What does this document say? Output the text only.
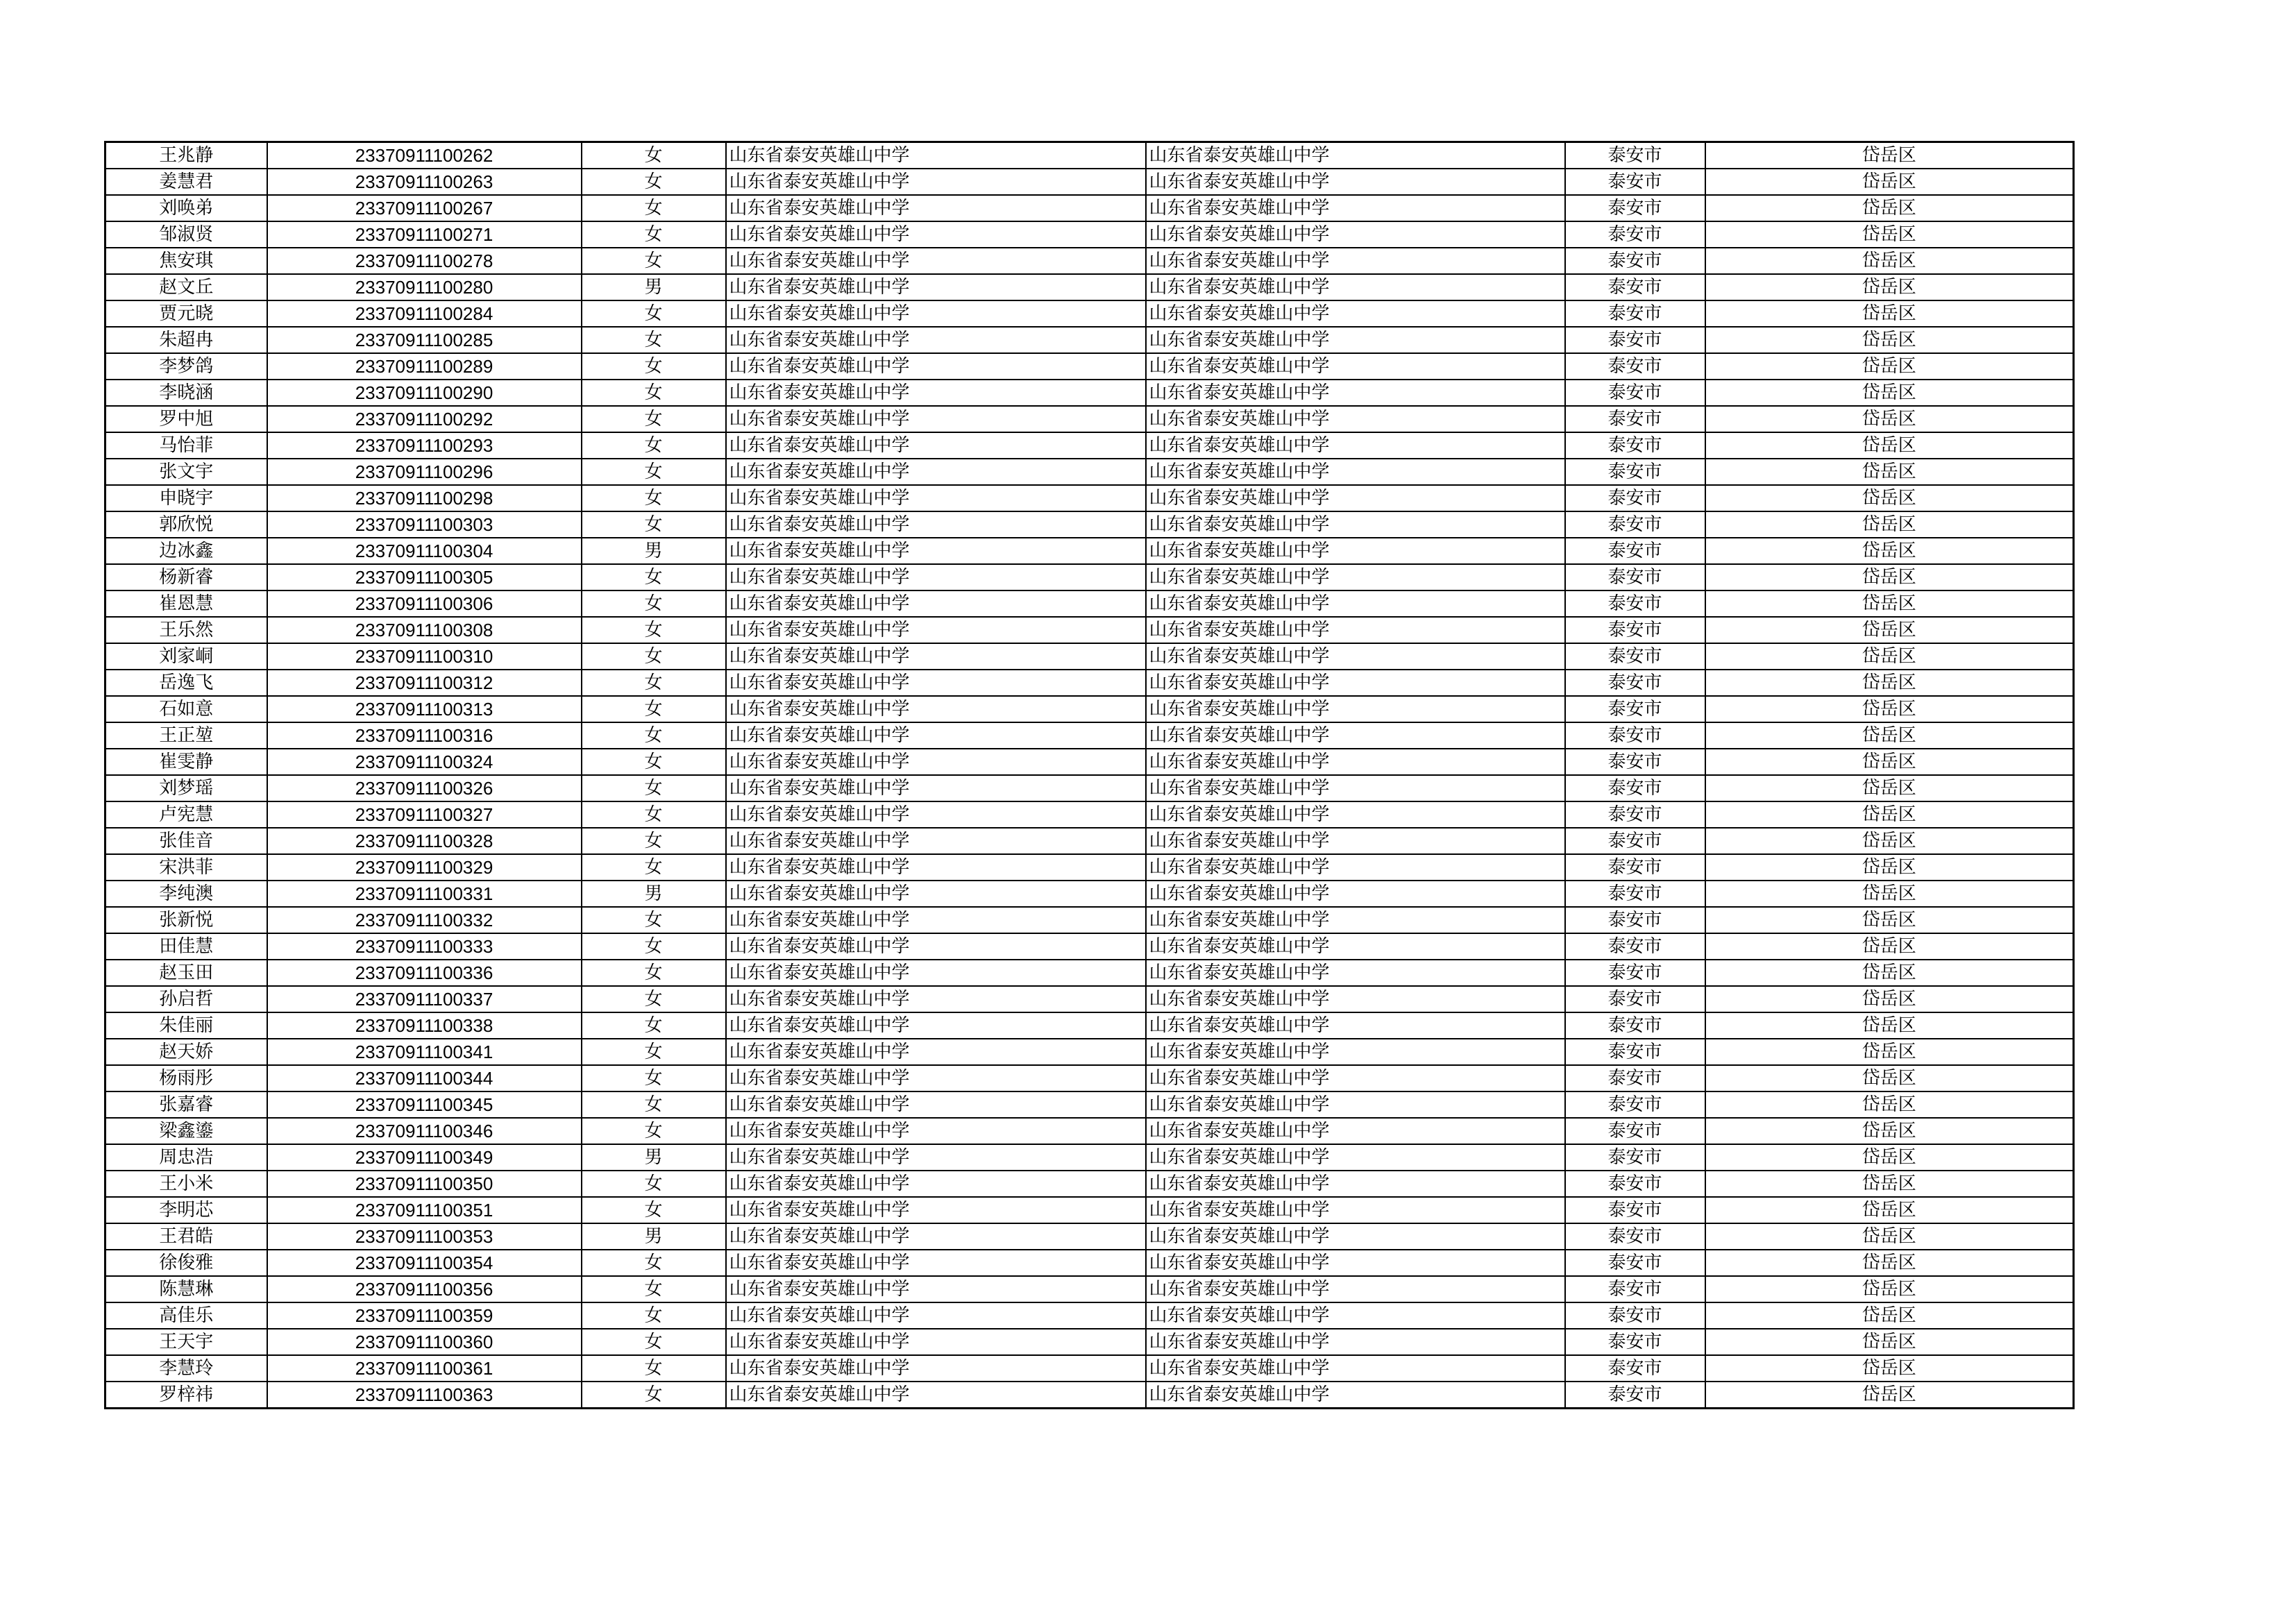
王兆静	23370911100262	女	山东省泰安英雄山中学	山东省泰安英雄山中学	泰安市	岱岳区
姜慧君	23370911100263	女	山东省泰安英雄山中学	山东省泰安英雄山中学	泰安市	岱岳区
刘唤弟	23370911100267	女	山东省泰安英雄山中学	山东省泰安英雄山中学	泰安市	岱岳区
邹淑贤	23370911100271	女	山东省泰安英雄山中学	山东省泰安英雄山中学	泰安市	岱岳区
焦安琪	23370911100278	女	山东省泰安英雄山中学	山东省泰安英雄山中学	泰安市	岱岳区
赵文丘	23370911100280	男	山东省泰安英雄山中学	山东省泰安英雄山中学	泰安市	岱岳区
贾元晓	23370911100284	女	山东省泰安英雄山中学	山东省泰安英雄山中学	泰安市	岱岳区
朱超冉	23370911100285	女	山东省泰安英雄山中学	山东省泰安英雄山中学	泰安市	岱岳区
李梦鸽	23370911100289	女	山东省泰安英雄山中学	山东省泰安英雄山中学	泰安市	岱岳区
李晓涵	23370911100290	女	山东省泰安英雄山中学	山东省泰安英雄山中学	泰安市	岱岳区
罗中旭	23370911100292	女	山东省泰安英雄山中学	山东省泰安英雄山中学	泰安市	岱岳区
马怡菲	23370911100293	女	山东省泰安英雄山中学	山东省泰安英雄山中学	泰安市	岱岳区
张文宇	23370911100296	女	山东省泰安英雄山中学	山东省泰安英雄山中学	泰安市	岱岳区
申晓宇	23370911100298	女	山东省泰安英雄山中学	山东省泰安英雄山中学	泰安市	岱岳区
郭欣悦	23370911100303	女	山东省泰安英雄山中学	山东省泰安英雄山中学	泰安市	岱岳区
边冰鑫	23370911100304	男	山东省泰安英雄山中学	山东省泰安英雄山中学	泰安市	岱岳区
杨新睿	23370911100305	女	山东省泰安英雄山中学	山东省泰安英雄山中学	泰安市	岱岳区
崔恩慧	23370911100306	女	山东省泰安英雄山中学	山东省泰安英雄山中学	泰安市	岱岳区
王乐然	23370911100308	女	山东省泰安英雄山中学	山东省泰安英雄山中学	泰安市	岱岳区
刘家峒	23370911100310	女	山东省泰安英雄山中学	山东省泰安英雄山中学	泰安市	岱岳区
岳逸飞	23370911100312	女	山东省泰安英雄山中学	山东省泰安英雄山中学	泰安市	岱岳区
石如意	23370911100313	女	山东省泰安英雄山中学	山东省泰安英雄山中学	泰安市	岱岳区
王正堃	23370911100316	女	山东省泰安英雄山中学	山东省泰安英雄山中学	泰安市	岱岳区
崔雯静	23370911100324	女	山东省泰安英雄山中学	山东省泰安英雄山中学	泰安市	岱岳区
刘梦瑶	23370911100326	女	山东省泰安英雄山中学	山东省泰安英雄山中学	泰安市	岱岳区
卢宪慧	23370911100327	女	山东省泰安英雄山中学	山东省泰安英雄山中学	泰安市	岱岳区
张佳音	23370911100328	女	山东省泰安英雄山中学	山东省泰安英雄山中学	泰安市	岱岳区
宋洪菲	23370911100329	女	山东省泰安英雄山中学	山东省泰安英雄山中学	泰安市	岱岳区
李纯澳	23370911100331	男	山东省泰安英雄山中学	山东省泰安英雄山中学	泰安市	岱岳区
张新悦	23370911100332	女	山东省泰安英雄山中学	山东省泰安英雄山中学	泰安市	岱岳区
田佳慧	23370911100333	女	山东省泰安英雄山中学	山东省泰安英雄山中学	泰安市	岱岳区
赵玉田	23370911100336	女	山东省泰安英雄山中学	山东省泰安英雄山中学	泰安市	岱岳区
孙启哲	23370911100337	女	山东省泰安英雄山中学	山东省泰安英雄山中学	泰安市	岱岳区
朱佳丽	23370911100338	女	山东省泰安英雄山中学	山东省泰安英雄山中学	泰安市	岱岳区
赵天娇	23370911100341	女	山东省泰安英雄山中学	山东省泰安英雄山中学	泰安市	岱岳区
杨雨彤	23370911100344	女	山东省泰安英雄山中学	山东省泰安英雄山中学	泰安市	岱岳区
张嘉睿	23370911100345	女	山东省泰安英雄山中学	山东省泰安英雄山中学	泰安市	岱岳区
梁鑫鎏	23370911100346	女	山东省泰安英雄山中学	山东省泰安英雄山中学	泰安市	岱岳区
周忠浩	23370911100349	男	山东省泰安英雄山中学	山东省泰安英雄山中学	泰安市	岱岳区
王小米	23370911100350	女	山东省泰安英雄山中学	山东省泰安英雄山中学	泰安市	岱岳区
李明芯	23370911100351	女	山东省泰安英雄山中学	山东省泰安英雄山中学	泰安市	岱岳区
王君皓	23370911100353	男	山东省泰安英雄山中学	山东省泰安英雄山中学	泰安市	岱岳区
徐俊雅	23370911100354	女	山东省泰安英雄山中学	山东省泰安英雄山中学	泰安市	岱岳区
陈慧琳	23370911100356	女	山东省泰安英雄山中学	山东省泰安英雄山中学	泰安市	岱岳区
高佳乐	23370911100359	女	山东省泰安英雄山中学	山东省泰安英雄山中学	泰安市	岱岳区
王天宇	23370911100360	女	山东省泰安英雄山中学	山东省泰安英雄山中学	泰安市	岱岳区
李慧玲	23370911100361	女	山东省泰安英雄山中学	山东省泰安英雄山中学	泰安市	岱岳区
罗梓祎	23370911100363	女	山东省泰安英雄山中学	山东省泰安英雄山中学	泰安市	岱岳区
